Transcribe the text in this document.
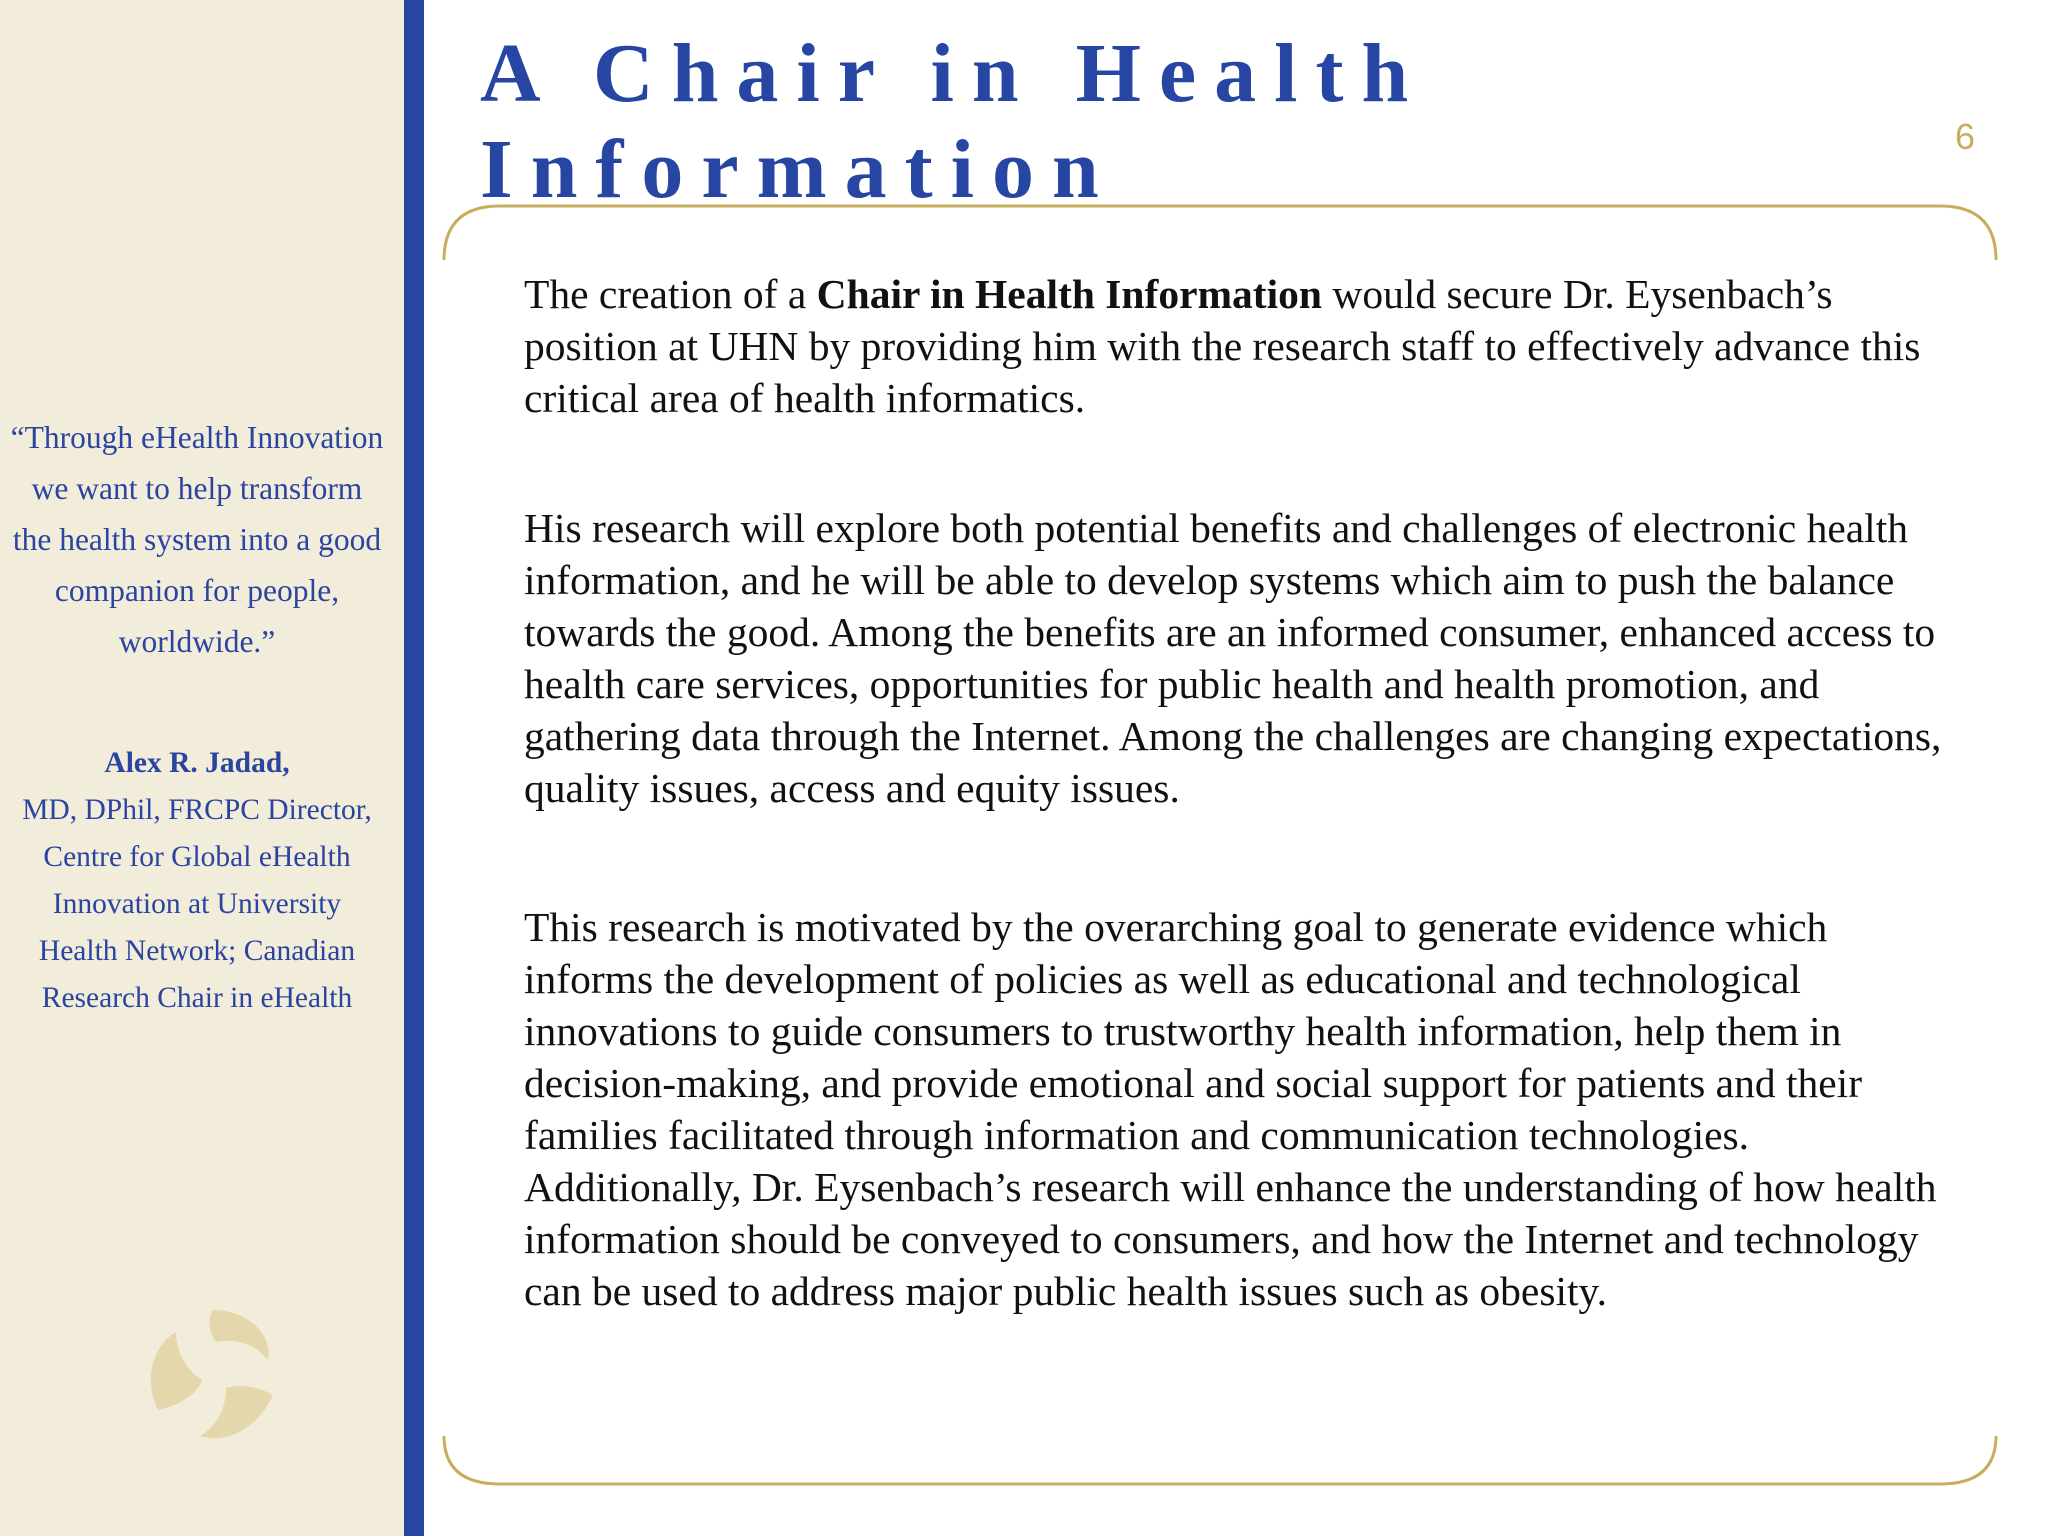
“Through eHealth Innovation we want to help transform the health system into a good companion for people, worldwide.”
Alex R. Jadad,
MD, DPhil, FRCPC Director, Centre for Global eHealth Innovation at University Health Network; Canadian Research Chair in eHealth
A Chair in Health
Information	6

The creation of a Chair in Health Information would secure Dr. Eysenbach’s position at UHN by providing him with the research staff to effectively advance this critical area of health informatics.

His research will explore both potential benefits and challenges of electronic health information, and he will be able to develop systems which aim to push the balance towards the good. Among the benefits are an informed consumer, enhanced access to health care services, opportunities for public health and health promotion, and gathering data through the Internet. Among the challenges are changing expectations, quality issues, access and equity issues.

This research is motivated by the overarching goal to generate evidence which informs the development of policies as well as educational and technological innovations to guide consumers to trustworthy health information, help them in decision-making, and provide emotional and social support for patients and their families facilitated through information and communication technologies. Additionally, Dr. Eysenbach’s research will enhance the understanding of how health information should be conveyed to consumers, and how the Internet and technology can be used to address major public health issues such as obesity.
